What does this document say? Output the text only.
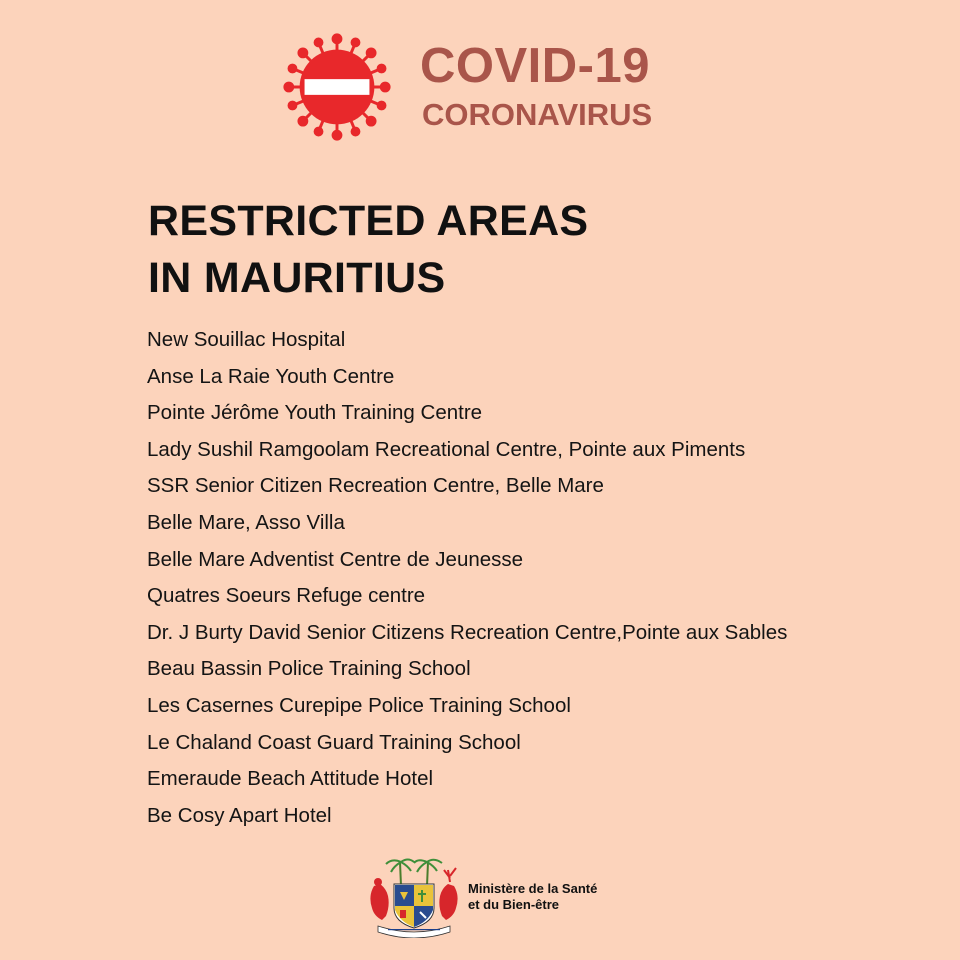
COVID-19
CORONAVIRUS
RESTRICTED AREAS
IN MAURITIUS
New Souillac Hospital
Anse La Raie Youth Centre
Pointe Jérôme Youth Training Centre
Lady Sushil Ramgoolam Recreational Centre, Pointe aux Piments
SSR Senior Citizen Recreation Centre, Belle Mare
Belle Mare, Asso Villa
Belle Mare Adventist Centre de Jeunesse
Quatres Soeurs Refuge centre
Dr. J Burty David Senior Citizens Recreation Centre,Pointe aux Sables
Beau Bassin Police Training School
Les Casernes Curepipe Police Training School
Le Chaland Coast Guard Training School
Emeraude Beach Attitude Hotel
Be Cosy Apart Hotel
Ministère de la Santé
et du Bien-être
